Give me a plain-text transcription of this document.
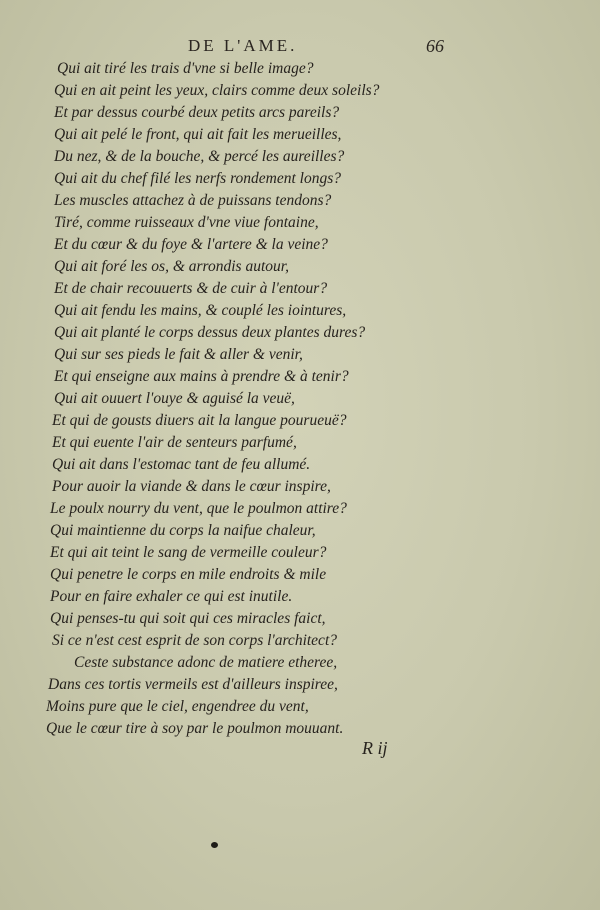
DE L'AME.	66
Qui ait tiré les trais d'vne si belle image?
Qui en ait peint les yeux, clairs comme deux soleils?
Et par dessus courbé deux petits arcs pareils?
Qui ait pelé le front, qui ait fait les merueilles,
Du nez, & de la bouche, & percé les aureilles?
Qui ait du chef filé les nerfs rondement longs?
Les muscles attachez à de puissans tendons?
Tiré, comme ruisseaux d'vne viue fontaine,
Et du cœur & du foye & l'artere & la veine?
Qui ait foré les os, & arrondis autour,
Et de chair recouuerts & de cuir à l'entour?
Qui ait fendu les mains, & couplé les iointures,
Qui ait planté le corps dessus deux plantes dures?
Qui sur ses pieds le fait & aller & venir,
Et qui enseigne aux mains à prendre & à tenir?
Qui ait ouuert l'ouye & aguisé la veuë,
Et qui de gousts diuers ait la langue pourueuë?
Et qui euente l'air de senteurs parfumé,
Qui ait dans l'estomac tant de feu allumé.
Pour auoir la viande & dans le cœur inspire,
Le poulx nourry du vent, que le poulmon attire?
Qui maintienne du corps la naifue chaleur,
Et qui ait teint le sang de vermeille couleur?
Qui penetre le corps en mile endroits & mile
Pour en faire exhaler ce qui est inutile.
Qui penses-tu qui soit qui ces miracles faict,
Si ce n'est cest esprit de son corps l'architect?
Ceste substance adonc de matiere etheree,
Dans ces tortis vermeils est d'ailleurs inspiree,
Moins pure que le ciel, engendree du vent,
Que le cœur tire à soy par le poulmon mouuant.
R ij
